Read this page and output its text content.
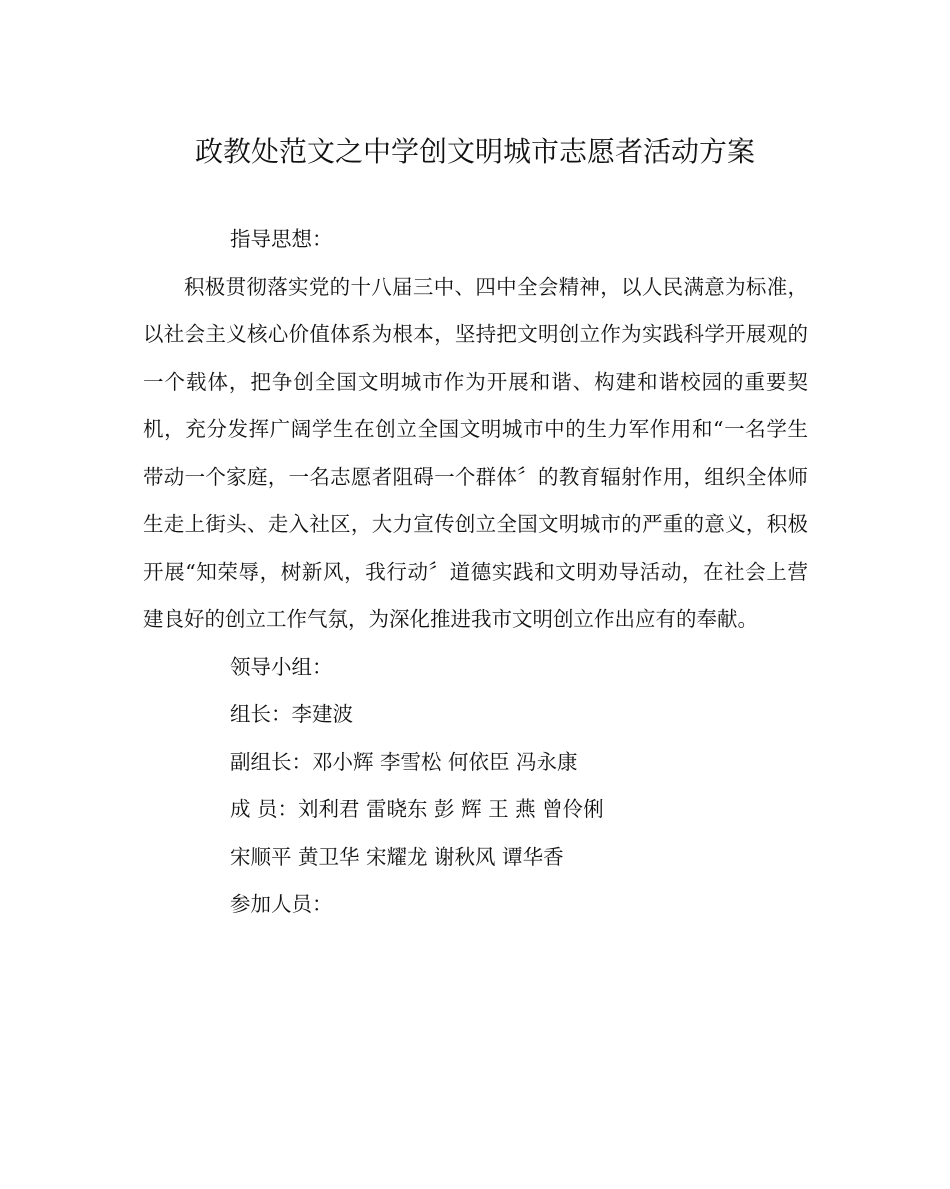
政教处范文之中学创文明城市志愿者活动方案

指导思想：

积极贯彻落实党的十八届三中、四中全会精神，以人民满意为标准，以社会主义核心价值体系为根本，坚持把文明创立作为实践科学开展观的一个载体，把争创全国文明城市作为开展和谐、构建和谐校园的重要契机，充分发挥广阔学生在创立全国文明城市中的生力军作用和“一名学生带动一个家庭，一名志愿者阻碍一个群体〞的教育辐射作用，组织全体师生走上街头、走入社区，大力宣传创立全国文明城市的严重的意义，积极开展“知荣辱，树新风，我行动〞道德实践和文明劝导活动，在社会上营建良好的创立工作气氛，为深化推进我市文明创立作出应有的奉献。

领导小组：

组长：李建波

副组长：邓小辉 李雪松 何依臣 冯永康

成 员：刘利君 雷晓东 彭 辉 王 燕 曾伶俐

宋顺平 黄卫华 宋耀龙 谢秋风 谭华香

参加人员：
